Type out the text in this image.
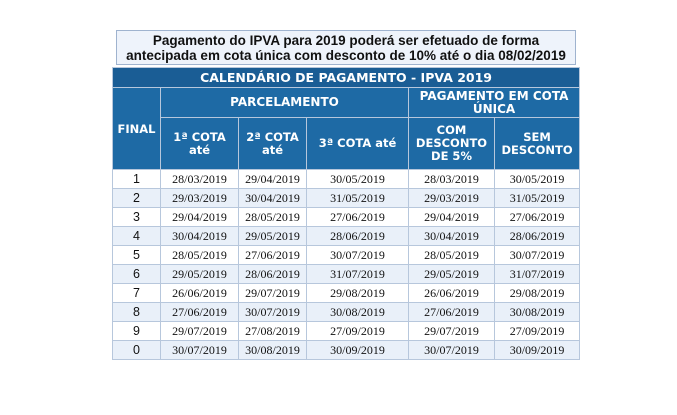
Pagamento do IPVA para 2019 poderá ser efetuado de forma antecipada em cota única com desconto de 10% até o dia 08/02/2019
CALENDÁRIO DE PAGAMENTO - IPVA 2019					
FINAL	PARCELAMENTO			PAGAMENTO EM COTA ÚNICA	
	1ª COTA até	2ª COTA até	3ª COTA até	COM DESCONTO DE 5%	SEM DESCONTO
1	28/03/2019	29/04/2019	30/05/2019	28/03/2019	30/05/2019
2	29/03/2019	30/04/2019	31/05/2019	29/03/2019	31/05/2019
3	29/04/2019	28/05/2019	27/06/2019	29/04/2019	27/06/2019
4	30/04/2019	29/05/2019	28/06/2019	30/04/2019	28/06/2019
5	28/05/2019	27/06/2019	30/07/2019	28/05/2019	30/07/2019
6	29/05/2019	28/06/2019	31/07/2019	29/05/2019	31/07/2019
7	26/06/2019	29/07/2019	29/08/2019	26/06/2019	29/08/2019
8	27/06/2019	30/07/2019	30/08/2019	27/06/2019	30/08/2019
9	29/07/2019	27/08/2019	27/09/2019	29/07/2019	27/09/2019
0	30/07/2019	30/08/2019	30/09/2019	30/07/2019	30/09/2019
